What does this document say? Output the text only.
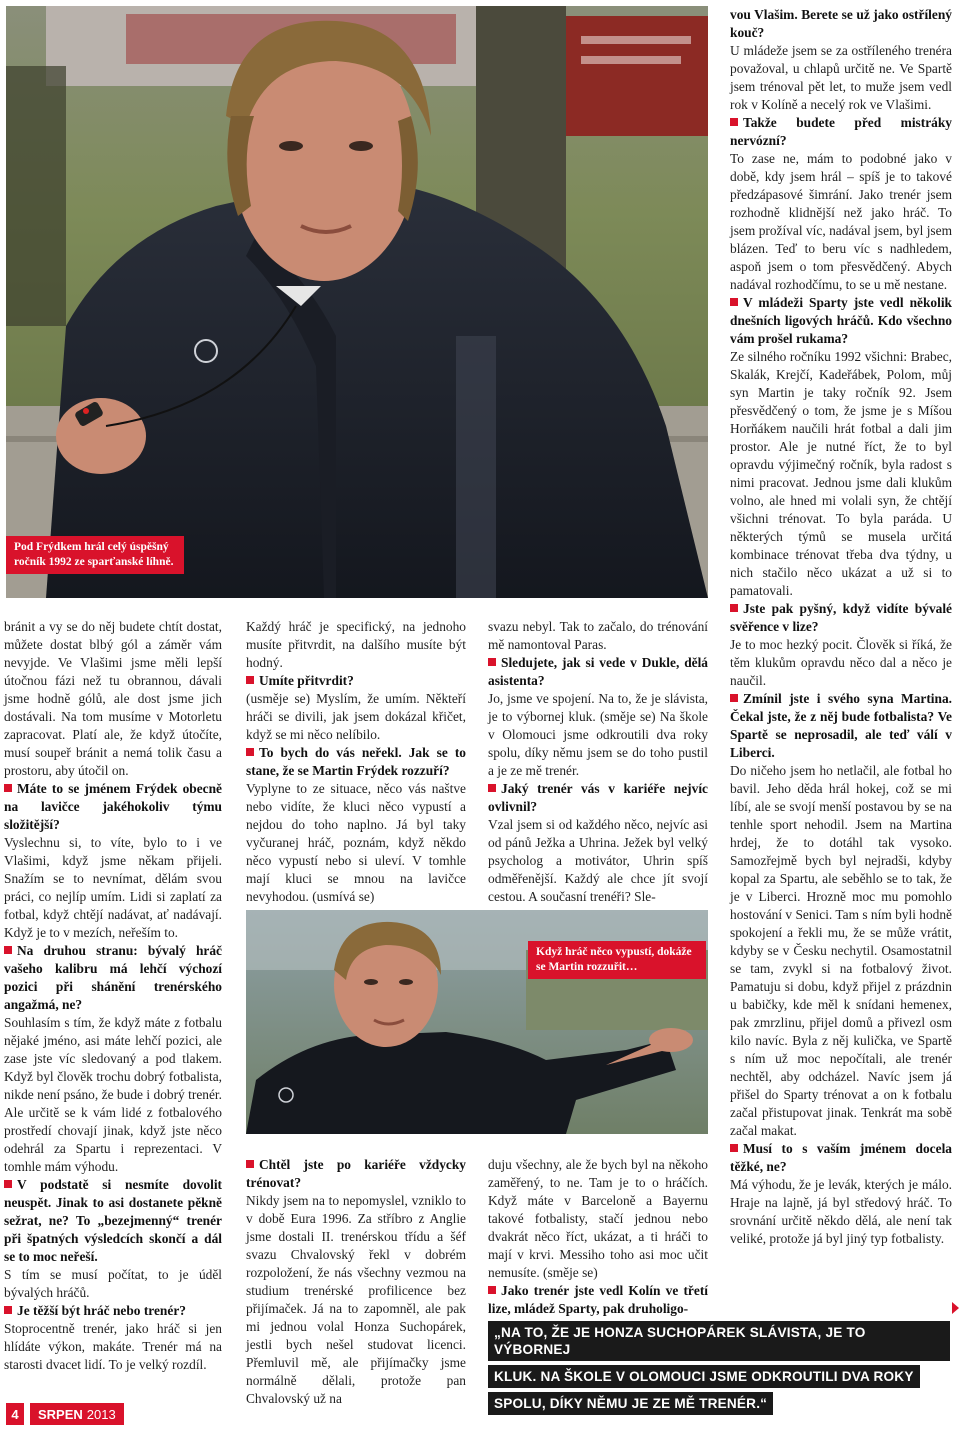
Pod Frýdkem hrál celý úspěšný ročník 1992 ze sparťanské líhně.
Když hráč něco vypustí, dokáže se Martin rozzuřit…

bránit a vy se do něj budete chtít dostat, můžete dostat blbý gól a záměr vám nevyjde. Ve Vlašimi jsme měli lepší útočnou fázi než tu obrannou, dávali jsme hodně gólů, ale dost jsme jich dostávali. Na tom musíme v Motorletu zapracovat. Platí ale, že když útočíte, musí soupeř bránit a nemá tolik času a prostoru, aby útočil on.

Máte to se jménem Frýdek obecně na lavičce jakéhokoliv týmu složitější?

Vyslechnu si, to víte, bylo to i ve Vlašimi, když jsme někam přijeli. Snažím se to nevnímat, dělám svou práci, co nejlíp umím. Lidi si zaplatí za fotbal, když chtějí nadávat, ať nadávají. Když je to v mezích, neřeším to.

Na druhou stranu: bývalý hráč vašeho kalibru má lehčí výchozí pozici při shánění trenérského angažmá, ne?

Souhlasím s tím, že když máte z fotbalu nějaké jméno, asi máte lehčí pozici, ale zase jste víc sledovaný a pod tlakem. Když byl člověk trochu dobrý fotbalista, nikde není psáno, že bude i dobrý trenér. Ale určitě se k vám lidé z fotbalového prostředí chovají jinak, když jste něco odehrál za Spartu i reprezentaci. V tomhle mám výhodu.

V podstatě si nesmíte dovolit neuspět. Jinak to asi dostanete pěkně sežrat, ne? To „bezejmenný“ trenér při špatných výsledcích skončí a dál se to moc neřeší.

S tím se musí počítat, to je úděl bývalých hráčů.

Je těžší být hráč nebo trenér?

Stoprocentně trenér, jako hráč si jen hlídáte výkon, makáte. Trenér má na starosti dvacet lidí. To je velký rozdíl.

Každý hráč je specifický, na jednoho musíte přitvrdit, na dalšího musíte být hodný.

Umíte přitvrdit?

(usměje se) Myslím, že umím. Někteří hráči se divili, jak jsem dokázal křičet, když se mi něco nelíbilo.

To bych do vás neřekl. Jak se to stane, že se Martin Frýdek rozzuří?

Vyplyne to ze situace, něco vás naštve nebo vidíte, že kluci něco vypustí a nejdou do toho naplno. Já byl taky vyčuranej hráč, poznám, když někdo něco vypustí nebo si uleví. V tomhle mají kluci se mnou na lavičce nevyhodou. (usmívá se)

Chtěl jste po kariéře vždycky trénovat?

Nikdy jsem na to nepomyslel, vzniklo to v době Eura 1996. Za stříbro z Anglie jsme dostali II. trenérskou třídu a šéf svazu Chvalovský řekl v dobrém rozpoložení, že nás všechny vezmou na studium trenérské profilicence bez přijímaček. Já na to zapomněl, ale pak mi jednou volal Honza Suchopárek, jestli bych nešel studovat licenci. Přemluvil mě, ale přijímačky jsme normálně dělali, protože pan Chvalovský už na

svazu nebyl. Tak to začalo, do trénování mě namontoval Paras.

Sledujete, jak si vede v Dukle, dělá asistenta?

Jo, jsme ve spojení. Na to, že je slávista, je to výbornej kluk. (směje se) Na škole v Olomouci jsme odkroutili dva roky spolu, díky němu jsem se do toho pustil a je ze mě trenér.

Jaký trenér vás v kariéře nejvíc ovlivnil?

Vzal jsem si od každého něco, nejvíc asi od pánů Ježka a Uhrina. Ježek byl velký psycholog a motivátor, Uhrin spíš odměřenější. Každý ale chce jít svojí cestou. A současní trenéři? Sle-

duju všechny, ale že bych byl na někoho zaměřený, to ne. Tam je to o hráčích. Když máte v Barceloně a Bayernu takové fotbalisty, stačí jednou nebo dvakrát něco říct, ukázat, a ti hráči to mají v krvi. Messiho toho asi moc učit nemusíte. (směje se)

Jako trenér jste vedl Kolín ve třetí lize, mládež Sparty, pak druholigo-

vou Vlašim. Berete se už jako ostřílený kouč?

U mládeže jsem se za ostříleného trenéra považoval, u chlapů určitě ne. Ve Spartě jsem trénoval pět let, to muže jsem vedl rok v Kolíně a necelý rok ve Vlašimi.

Takže budete před mistráky nervózní?

To zase ne, mám to podobné jako v době, kdy jsem hrál – spíš je to takové předzápasové šimrání. Jako trenér jsem rozhodně klidnější než jako hráč. To jsem prožíval víc, nadával jsem, byl jsem blázen. Teď to beru víc s nadhledem, aspoň jsem o tom přesvědčený. Abych nadával rozhodčímu, to se u mě nestane.

V mládeži Sparty jste vedl několik dnešních ligových hráčů. Kdo všechno vám prošel rukama?

Ze silného ročníku 1992 všichni: Brabec, Skalák, Krejčí, Kadeřábek, Polom, můj syn Martin je taky ročník 92. Jsem přesvědčený o tom, že jsme je s Míšou Horňákem naučili hrát fotbal a dali jim prostor. Ale je nutné říct, že to byl opravdu výjimečný ročník, byla radost s nimi pracovat. Jednou jsme dali klukům volno, ale hned mi volali syn, že chtějí všichni trénovat. To byla paráda. U některých týmů se musela určitá kombinace trénovat třeba dva týdny, u nich stačilo něco ukázat a už si to pamatovali.

Jste pak pyšný, když vidíte bývalé svěřence v lize?

Je to moc hezký pocit. Člověk si říká, že těm klukům opravdu něco dal a něco je naučil.

Zmínil jste i svého syna Martina. Čekal jste, že z něj bude fotbalista? Ve Spartě se neprosadil, ale teď válí v Liberci.

Do ničeho jsem ho netlačil, ale fotbal ho bavil. Jeho děda hrál hokej, což se mi líbí, ale se svojí menší postavou by se na tenhle sport nehodil. Jsem na Martina hrdej, že to dotáhl tak vysoko. Samozřejmě bych byl nejradši, kdyby kopal za Spartu, ale seběhlo se to tak, že je v Liberci. Hrozně moc mu pomohlo hostování v Senici. Tam s ním byli hodně spokojení a řekli mu, že se může vrátit, kdyby se v Česku nechytil. Osamostatnil se tam, zvykl si na fotbalový život. Pamatuju si dobu, když přijel z prázdnin u babičky, kde měl k snídani hemenex, pak zmrzlinu, přijel domů a přivezl osm kilo navíc. Byla z něj kulička, ve Spartě s ním už moc nepočítali, ale trenér nechtěl, aby odcházel. Navíc jsem já přišel do Sparty trénovat a on k fotbalu začal přistupovat jinak. Tenkrát ma sobě začal makat.

Musí to s vaším jménem docela těžké, ne?

Má výhodu, že je levák, kterých je málo. Hraje na lajně, já byl středový hráč. To srovnání určitě někdo dělá, ale není tak veliké, protože já byl jiný typ fotbalisty.

„NA TO, ŽE JE HONZA SUCHOPÁREK SLÁVISTA, JE TO VÝBORNEJ
KLUK. NA ŠKOLE V OLOMOUCI JSME ODKROUTILI DVA ROKY
SPOLU, DÍKY NĚMU JE ZE MĚ TRENÉR.“
4	SRPEN 2013
